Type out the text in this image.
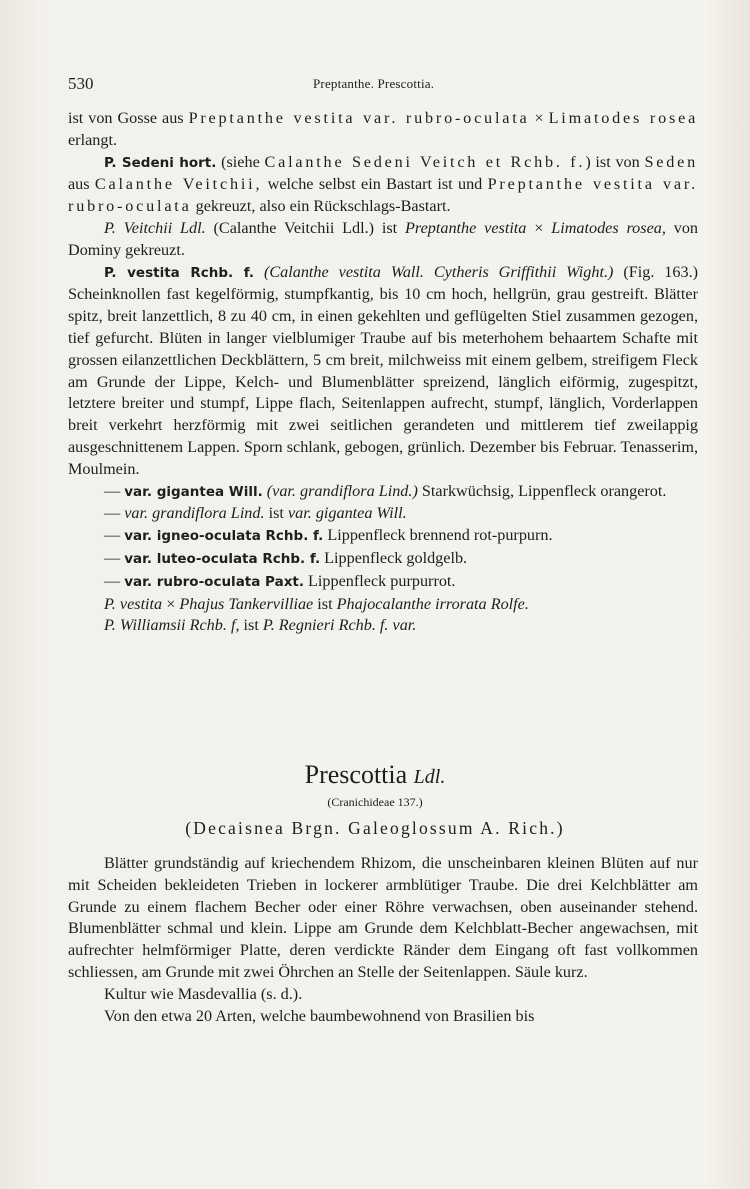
530	Preptanthe. Prescottia.

ist von Gosse aus Preptanthe vestita var. rubro-oculata × Limatodes rosea erlangt.

P. Sedeni hort. (siehe Calanthe Sedeni Veitch et Rchb. f.) ist von Seden aus Calanthe Veitchii, welche selbst ein Bastart ist und Preptanthe vestita var. rubro-oculata gekreuzt, also ein Rückschlags-Bastart.

P. Veitchii Ldl. (Calanthe Veitchii Ldl.) ist Preptanthe vestita × Limatodes rosea, von Dominy gekreuzt.

P. vestita Rchb. f. (Calanthe vestita Wall. Cytheris Griffithii Wight.) (Fig. 163.) Scheinknollen fast kegelförmig, stumpfkantig, bis 10 cm hoch, hellgrün, grau gestreift. Blätter spitz, breit lanzettlich, 8 zu 40 cm, in einen gekehlten und geflügelten Stiel zusammen gezogen, tief gefurcht. Blüten in langer vielblumiger Traube auf bis meterhohem behaartem Schafte mit grossen eilanzettlichen Deckblättern, 5 cm breit, milchweiss mit einem gelbem, streifigem Fleck am Grunde der Lippe, Kelch- und Blumenblätter spreizend, länglich eiförmig, zugespitzt, letztere breiter und stumpf, Lippe flach, Seitenlappen aufrecht, stumpf, länglich, Vorderlappen breit verkehrt herzförmig mit zwei seitlichen gerandeten und mittlerem tief zweilappig ausgeschnittenem Lappen. Sporn schlank, gebogen, grünlich. Dezember bis Februar. Tenasserim, Moulmein.

— var. gigantea Will. (var. grandiflora Lind.) Starkwüchsig, Lippenfleck orangerot.

— var. grandiflora Lind. ist var. gigantea Will.

— var. igneo-oculata Rchb. f. Lippenfleck brennend rot-purpurn.

— var. luteo-oculata Rchb. f. Lippenfleck goldgelb.

— var. rubro-oculata Paxt. Lippenfleck purpurrot.

P. vestita × Phajus Tankervilliae ist Phajocalanthe irrorata Rolfe.

P. Williamsii Rchb. f, ist P. Regnieri Rchb. f. var.

Prescottia Ldl.
(Cranichideae 137.)
(Decaisnea Brgn. Galeoglossum A. Rich.)

Blätter grundständig auf kriechendem Rhizom, die unscheinbaren kleinen Blüten auf nur mit Scheiden bekleideten Trieben in lockerer armblütiger Traube. Die drei Kelchblätter am Grunde zu einem flachem Becher oder einer Röhre verwachsen, oben auseinander stehend. Blumenblätter schmal und klein. Lippe am Grunde dem Kelchblatt-Becher angewachsen, mit aufrechter helmförmiger Platte, deren verdickte Ränder dem Eingang oft fast vollkommen schliessen, am Grunde mit zwei Öhrchen an Stelle der Seitenlappen. Säule kurz.

Kultur wie Masdevallia (s. d.).

Von den etwa 20 Arten, welche baumbewohnend von Brasilien bis
